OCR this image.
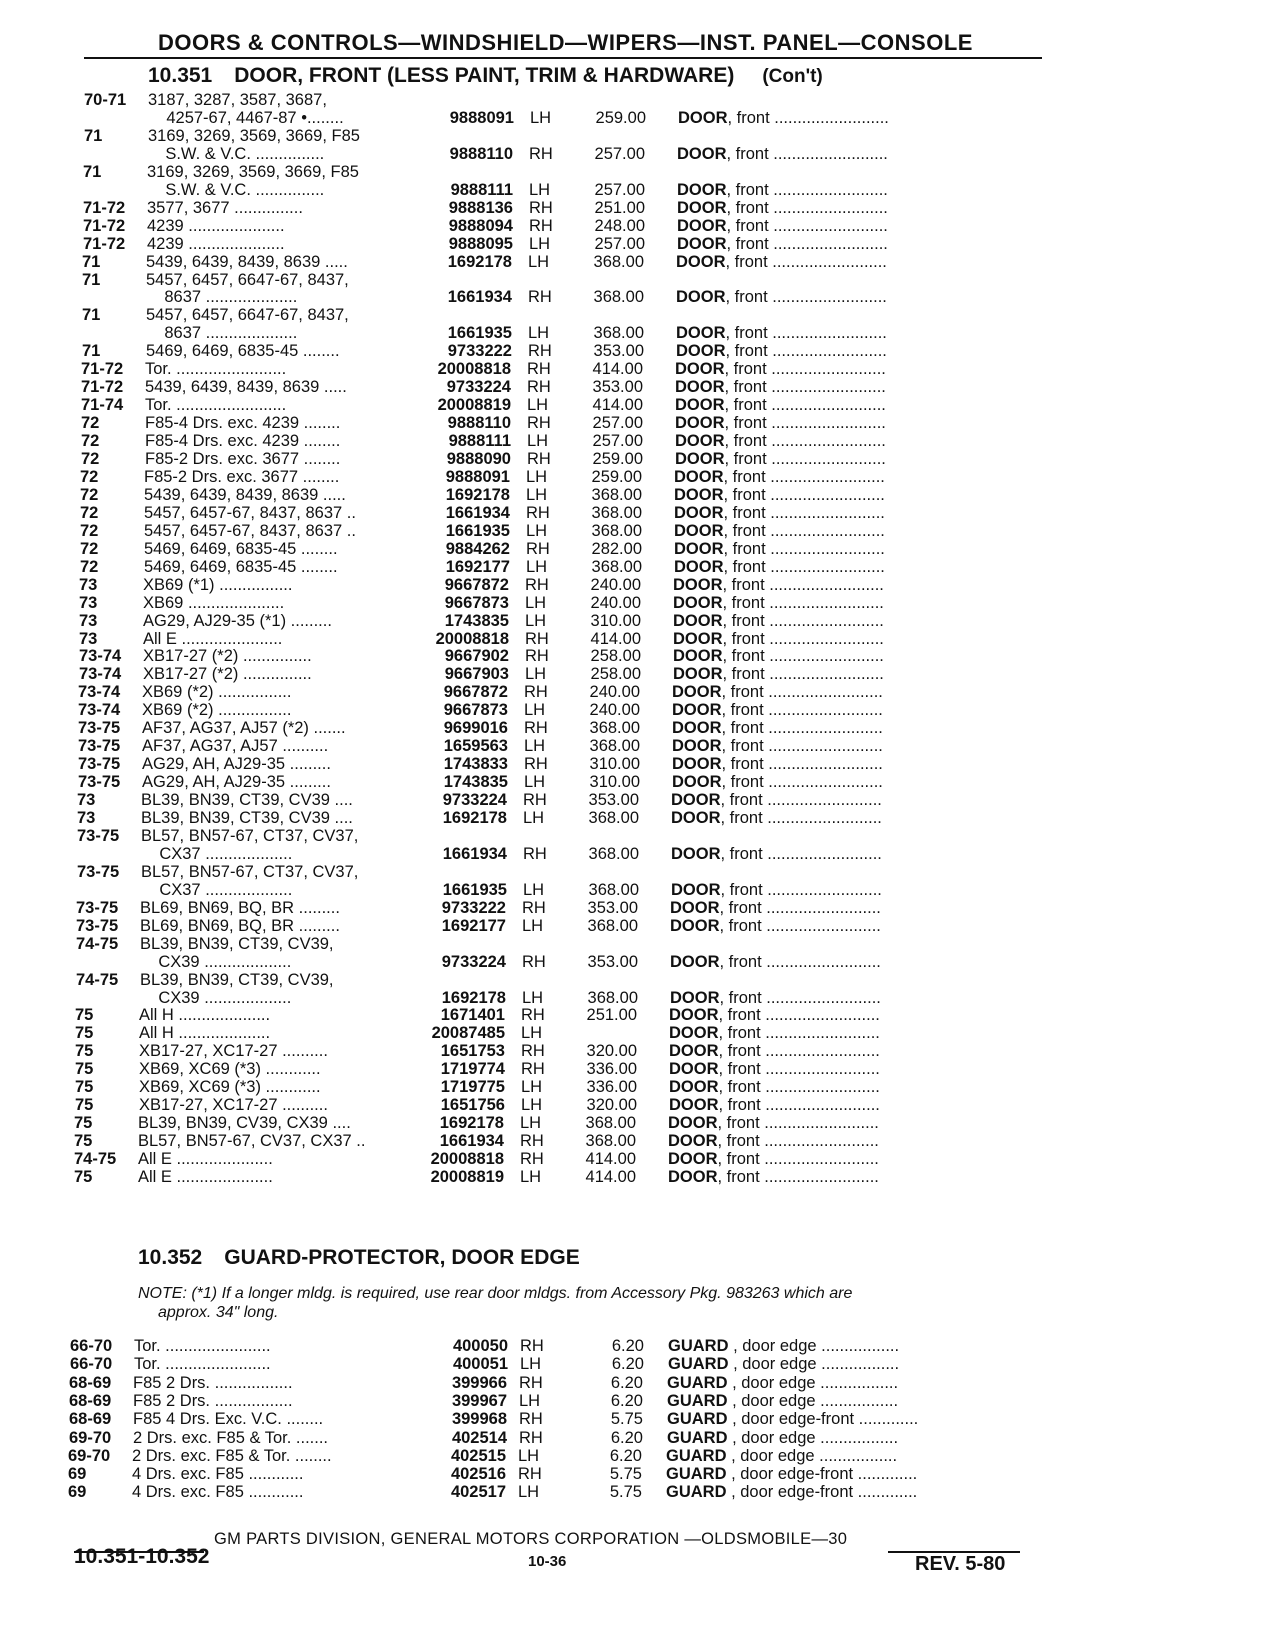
DOORS & CONTROLS—WINDSHIELD—WIPERS—INST. PANEL—CONSOLE
10.351 DOOR, FRONT (LESS PAINT, TRIM & HARDWARE) (Con't)
70-71	3187, 3287, 3587, 3687,
4257-67, 4467-87 •........	9888091 LH	259.00 DOOR, front .........................
71	3169, 3269, 3569, 3669, F85
S.W. & V.C. ...............	9888110 RH	257.00 DOOR, front .........................
71	3169, 3269, 3569, 3669, F85
S.W. & V.C. ...............	9888111 LH	257.00 DOOR, front .........................
71-72	3577, 3677 ...............	9888136 RH	251.00 DOOR, front .........................
71-72	4239 .....................	9888094 RH	248.00 DOOR, front .........................
71-72	4239 .....................	9888095 LH	257.00 DOOR, front .........................
71	5439, 6439, 8439, 8639 .....	1692178 LH	368.00 DOOR, front .........................
71	5457, 6457, 6647-67, 8437,
8637 ....................	1661934 RH	368.00 DOOR, front .........................
71	5457, 6457, 6647-67, 8437,
8637 ....................	1661935 LH	368.00 DOOR, front .........................
71	5469, 6469, 6835-45 ........	9733222 RH	353.00 DOOR, front .........................
71-72	Tor. ........................	20008818 RH	414.00 DOOR, front .........................
71-72	5439, 6439, 8439, 8639 .....	9733224 RH	353.00 DOOR, front .........................
71-74	Tor. ........................	20008819 LH	414.00 DOOR, front .........................
72	F85-4 Drs. exc. 4239 ........	9888110 RH	257.00 DOOR, front .........................
72	F85-4 Drs. exc. 4239 ........	9888111 LH	257.00 DOOR, front .........................
72	F85-2 Drs. exc. 3677 ........	9888090 RH	259.00 DOOR, front .........................
72	F85-2 Drs. exc. 3677 ........	9888091 LH	259.00 DOOR, front .........................
72	5439, 6439, 8439, 8639 .....	1692178 LH	368.00 DOOR, front .........................
72	5457, 6457-67, 8437, 8637 ..	1661934 RH	368.00 DOOR, front .........................
72	5457, 6457-67, 8437, 8637 ..	1661935 LH	368.00 DOOR, front .........................
72	5469, 6469, 6835-45 ........	9884262 RH	282.00 DOOR, front .........................
72	5469, 6469, 6835-45 ........	1692177 LH	368.00 DOOR, front .........................
73	XB69 (*1) ................	9667872 RH	240.00 DOOR, front .........................
73	XB69 .....................	9667873 LH	240.00 DOOR, front .........................
73	AG29, AJ29-35 (*1) .........	1743835 LH	310.00 DOOR, front .........................
73	All E ......................	20008818 RH	414.00 DOOR, front .........................
73-74	XB17-27 (*2) ...............	9667902 RH	258.00 DOOR, front .........................
73-74	XB17-27 (*2) ...............	9667903 LH	258.00 DOOR, front .........................
73-74	XB69 (*2) ................	9667872 RH	240.00 DOOR, front .........................
73-74	XB69 (*2) ................	9667873 LH	240.00 DOOR, front .........................
73-75	AF37, AG37, AJ57 (*2) .......	9699016 RH	368.00 DOOR, front .........................
73-75	AF37, AG37, AJ57 ..........	1659563 LH	368.00 DOOR, front .........................
73-75	AG29, AH, AJ29-35 .........	1743833 RH	310.00 DOOR, front .........................
73-75	AG29, AH, AJ29-35 .........	1743835 LH	310.00 DOOR, front .........................
73	BL39, BN39, CT39, CV39 ....	9733224 RH	353.00 DOOR, front .........................
73	BL39, BN39, CT39, CV39 ....	1692178 LH	368.00 DOOR, front .........................
73-75	BL57, BN57-67, CT37, CV37,
CX37 ...................	1661934 RH	368.00 DOOR, front .........................
73-75	BL57, BN57-67, CT37, CV37,
CX37 ...................	1661935 LH	368.00 DOOR, front .........................
73-75	BL69, BN69, BQ, BR .........	9733222 RH	353.00 DOOR, front .........................
73-75	BL69, BN69, BQ, BR .........	1692177 LH	368.00 DOOR, front .........................
74-75	BL39, BN39, CT39, CV39,
CX39 ...................	9733224 RH	353.00 DOOR, front .........................
74-75	BL39, BN39, CT39, CV39,
CX39 ...................	1692178 LH	368.00 DOOR, front .........................
75	All H ....................	1671401 RH	251.00 DOOR, front .........................
75	All H ....................	20087485 LH	DOOR, front .........................
75	XB17-27, XC17-27 ..........	1651753 RH	320.00 DOOR, front .........................
75	XB69, XC69 (*3) ............	1719774 RH	336.00 DOOR, front .........................
75	XB69, XC69 (*3) ............	1719775 LH	336.00 DOOR, front .........................
75	XB17-27, XC17-27 ..........	1651756 LH	320.00 DOOR, front .........................
75	BL39, BN39, CV39, CX39 ....	1692178 LH	368.00 DOOR, front .........................
75	BL57, BN57-67, CV37, CX37 ..	1661934 RH	368.00 DOOR, front .........................
74-75	All E .....................	20008818 RH	414.00 DOOR, front .........................
75	All E .....................	20008819 LH	414.00 DOOR, front .........................
10.352 GUARD-PROTECTOR, DOOR EDGE
NOTE: (*1) If a longer mldg. is required, use rear door mldgs. from Accessory Pkg. 983263 which are
approx. 34" long.
66-70	Tor. .......................	400050 RH	6.20 GUARD , door edge .................
66-70	Tor. .......................	400051 LH	6.20 GUARD , door edge .................
68-69	F85 2 Drs. .................	399966 RH	6.20 GUARD , door edge .................
68-69	F85 2 Drs. .................	399967 LH	6.20 GUARD , door edge .................
68-69	F85 4 Drs. Exc. V.C. ........	399968 RH	5.75 GUARD , door edge-front .............
69-70	2 Drs. exc. F85 & Tor. .......	402514 RH	6.20 GUARD , door edge .................
69-70	2 Drs. exc. F85 & Tor. ........	402515 LH	6.20 GUARD , door edge .................
69	4 Drs. exc. F85 ............	402516 RH	5.75 GUARD , door edge-front .............
69	4 Drs. exc. F85 ............	402517 LH	5.75 GUARD , door edge-front .............
GM PARTS DIVISION, GENERAL MOTORS CORPORATION —OLDSMOBILE—30
10.351-10.352	10-36	REV. 5-80
